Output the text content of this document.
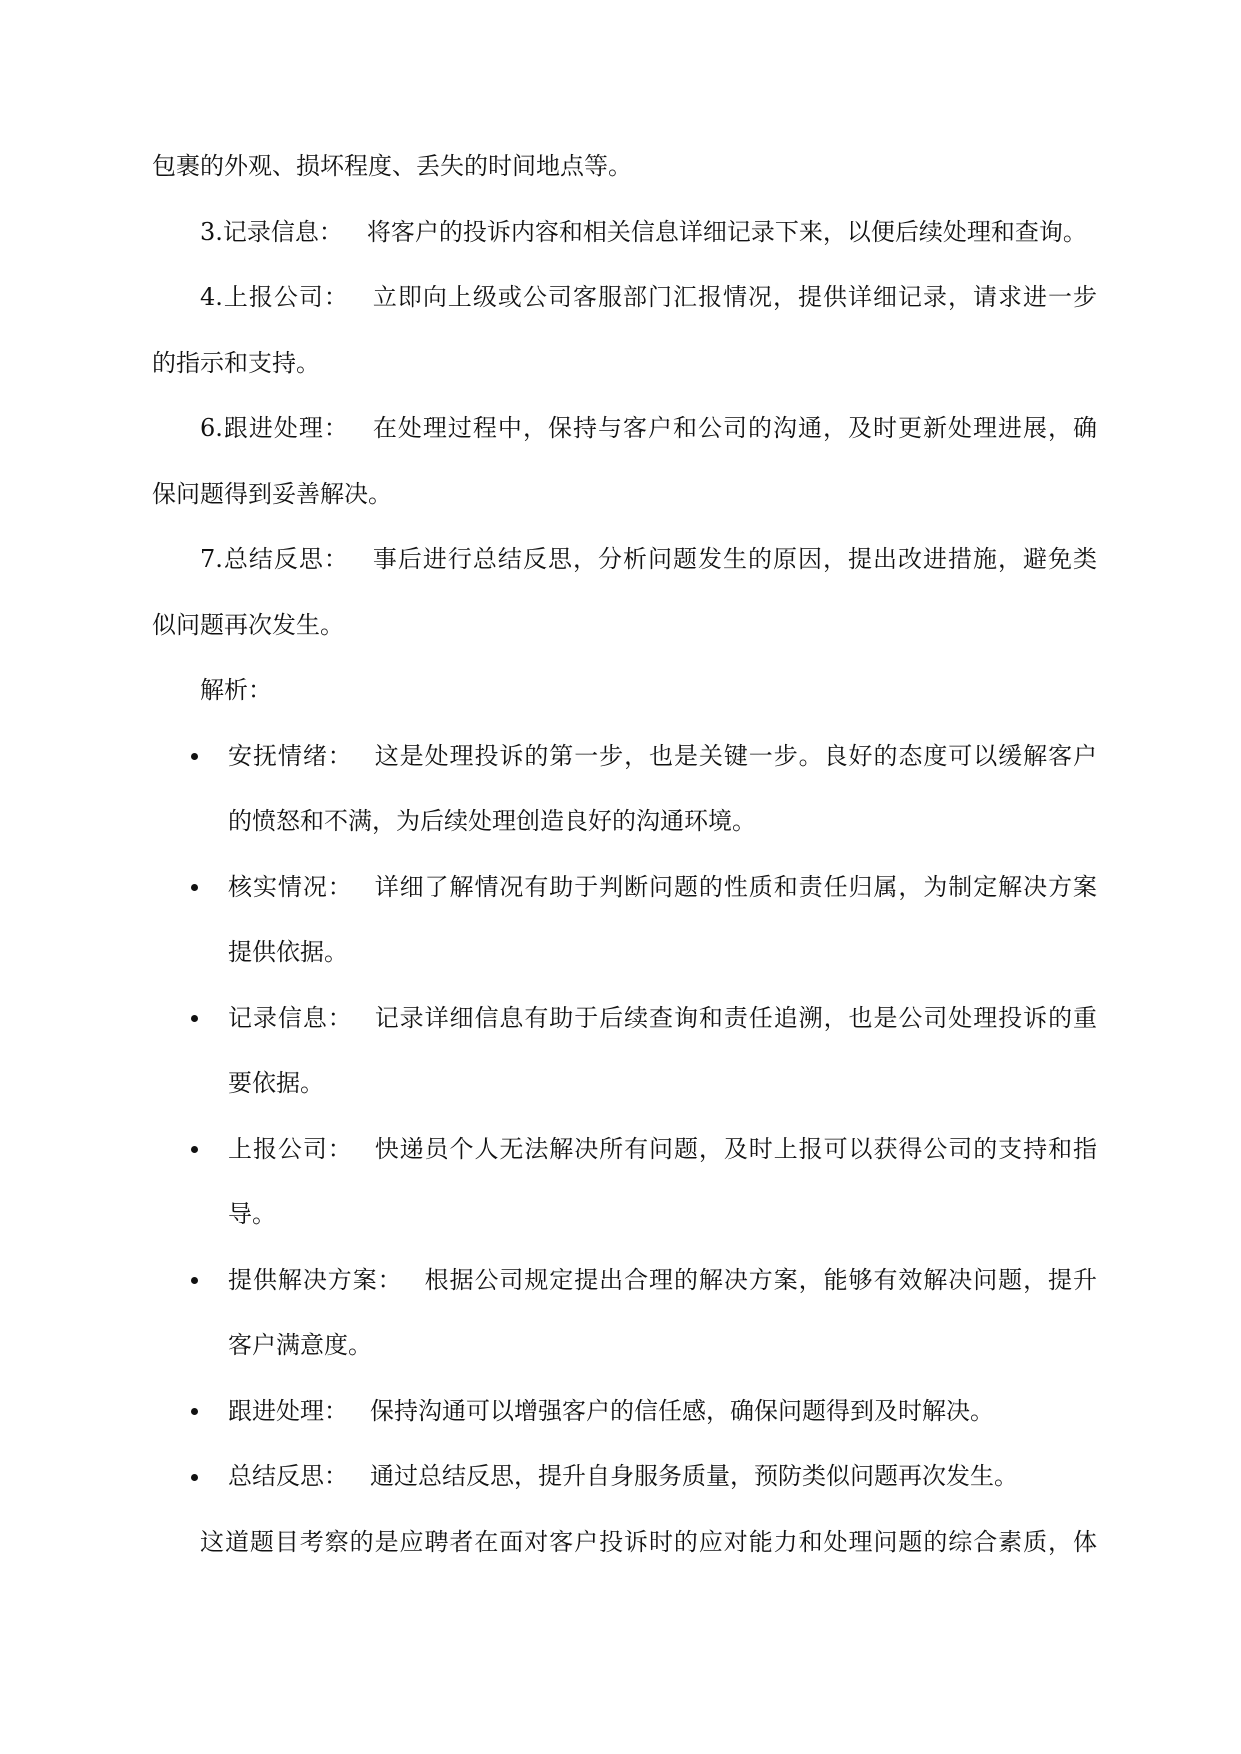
包裹的外观、损坏程度、丢失的时间地点等。
3.记录信息： 将客户的投诉内容和相关信息详细记录下来，以便后续处理和查询。
4.上报公司： 立即向上级或公司客服部门汇报情况，提供详细记录，请求进一步
的指示和支持。
6.跟进处理： 在处理过程中，保持与客户和公司的沟通，及时更新处理进展，确
保问题得到妥善解决。
7.总结反思： 事后进行总结反思，分析问题发生的原因，提出改进措施，避免类
似问题再次发生。
解析：
安抚情绪： 这是处理投诉的第一步，也是关键一步。良好的态度可以缓解客户
的愤怒和不满，为后续处理创造良好的沟通环境。
核实情况： 详细了解情况有助于判断问题的性质和责任归属，为制定解决方案
提供依据。
记录信息： 记录详细信息有助于后续查询和责任追溯，也是公司处理投诉的重
要依据。
上报公司： 快递员个人无法解决所有问题，及时上报可以获得公司的支持和指
导。
提供解决方案： 根据公司规定提出合理的解决方案，能够有效解决问题，提升
客户满意度。
跟进处理： 保持沟通可以增强客户的信任感，确保问题得到及时解决。
总结反思： 通过总结反思，提升自身服务质量，预防类似问题再次发生。
这道题目考察的是应聘者在面对客户投诉时的应对能力和处理问题的综合素质，体
